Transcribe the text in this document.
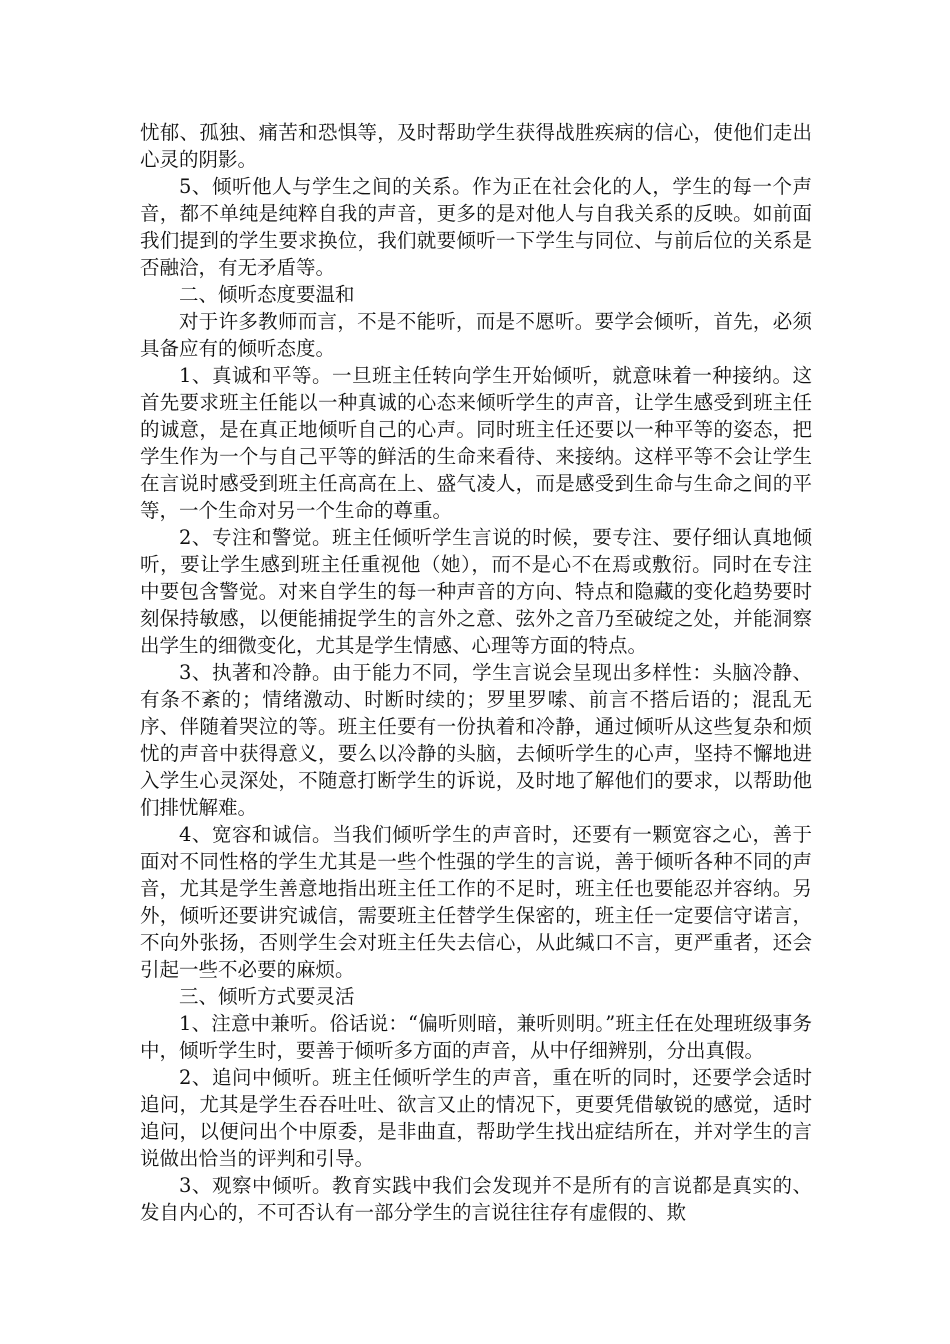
忧郁、孤独、痛苦和恐惧等，及时帮助学生获得战胜疾病的信心，使他们走出心灵的阴影。

5、倾听他人与学生之间的关系。作为正在社会化的人，学生的每一个声音，都不单纯是纯粹自我的声音，更多的是对他人与自我关系的反映。如前面我们提到的学生要求换位，我们就要倾听一下学生与同位、与前后位的关系是否融洽，有无矛盾等。

二、倾听态度要温和

对于许多教师而言，不是不能听，而是不愿听。要学会倾听，首先，必须具备应有的倾听态度。

1、真诚和平等。一旦班主任转向学生开始倾听，就意味着一种接纳。这首先要求班主任能以一种真诚的心态来倾听学生的声音，让学生感受到班主任的诚意，是在真正地倾听自己的心声。同时班主任还要以一种平等的姿态，把学生作为一个与自己平等的鲜活的生命来看待、来接纳。这样平等不会让学生在言说时感受到班主任高高在上、盛气凌人，而是感受到生命与生命之间的平等，一个生命对另一个生命的尊重。

2、专注和警觉。班主任倾听学生言说的时候，要专注、要仔细认真地倾听，要让学生感到班主任重视他（她），而不是心不在焉或敷衍。同时在专注中要包含警觉。对来自学生的每一种声音的方向、特点和隐藏的变化趋势要时刻保持敏感，以便能捕捉学生的言外之意、弦外之音乃至破绽之处，并能洞察出学生的细微变化，尤其是学生情感、心理等方面的特点。

3、执著和冷静。由于能力不同，学生言说会呈现出多样性：头脑冷静、有条不紊的；情绪激动、时断时续的；罗里罗嗦、前言不搭后语的；混乱无序、伴随着哭泣的等。班主任要有一份执着和冷静，通过倾听从这些复杂和烦忧的声音中获得意义，要么以冷静的头脑，去倾听学生的心声，坚持不懈地进入学生心灵深处，不随意打断学生的诉说，及时地了解他们的要求，以帮助他们排忧解难。

4、宽容和诚信。当我们倾听学生的声音时，还要有一颗宽容之心，善于面对不同性格的学生尤其是一些个性强的学生的言说，善于倾听各种不同的声音，尤其是学生善意地指出班主任工作的不足时，班主任也要能忍并容纳。另外，倾听还要讲究诚信，需要班主任替学生保密的，班主任一定要信守诺言，不向外张扬，否则学生会对班主任失去信心，从此缄口不言，更严重者，还会引起一些不必要的麻烦。

三、倾听方式要灵活

1、注意中兼听。俗话说：“偏听则暗，兼听则明。”班主任在处理班级事务中，倾听学生时，要善于倾听多方面的声音，从中仔细辨别，分出真假。

2、追问中倾听。班主任倾听学生的声音，重在听的同时，还要学会适时追问，尤其是学生吞吞吐吐、欲言又止的情况下，更要凭借敏锐的感觉，适时追问，以便问出个中原委，是非曲直，帮助学生找出症结所在，并对学生的言说做出恰当的评判和引导。

3、观察中倾听。教育实践中我们会发现并不是所有的言说都是真实的、发自内心的，不可否认有一部分学生的言说往往存有虚假的、欺
